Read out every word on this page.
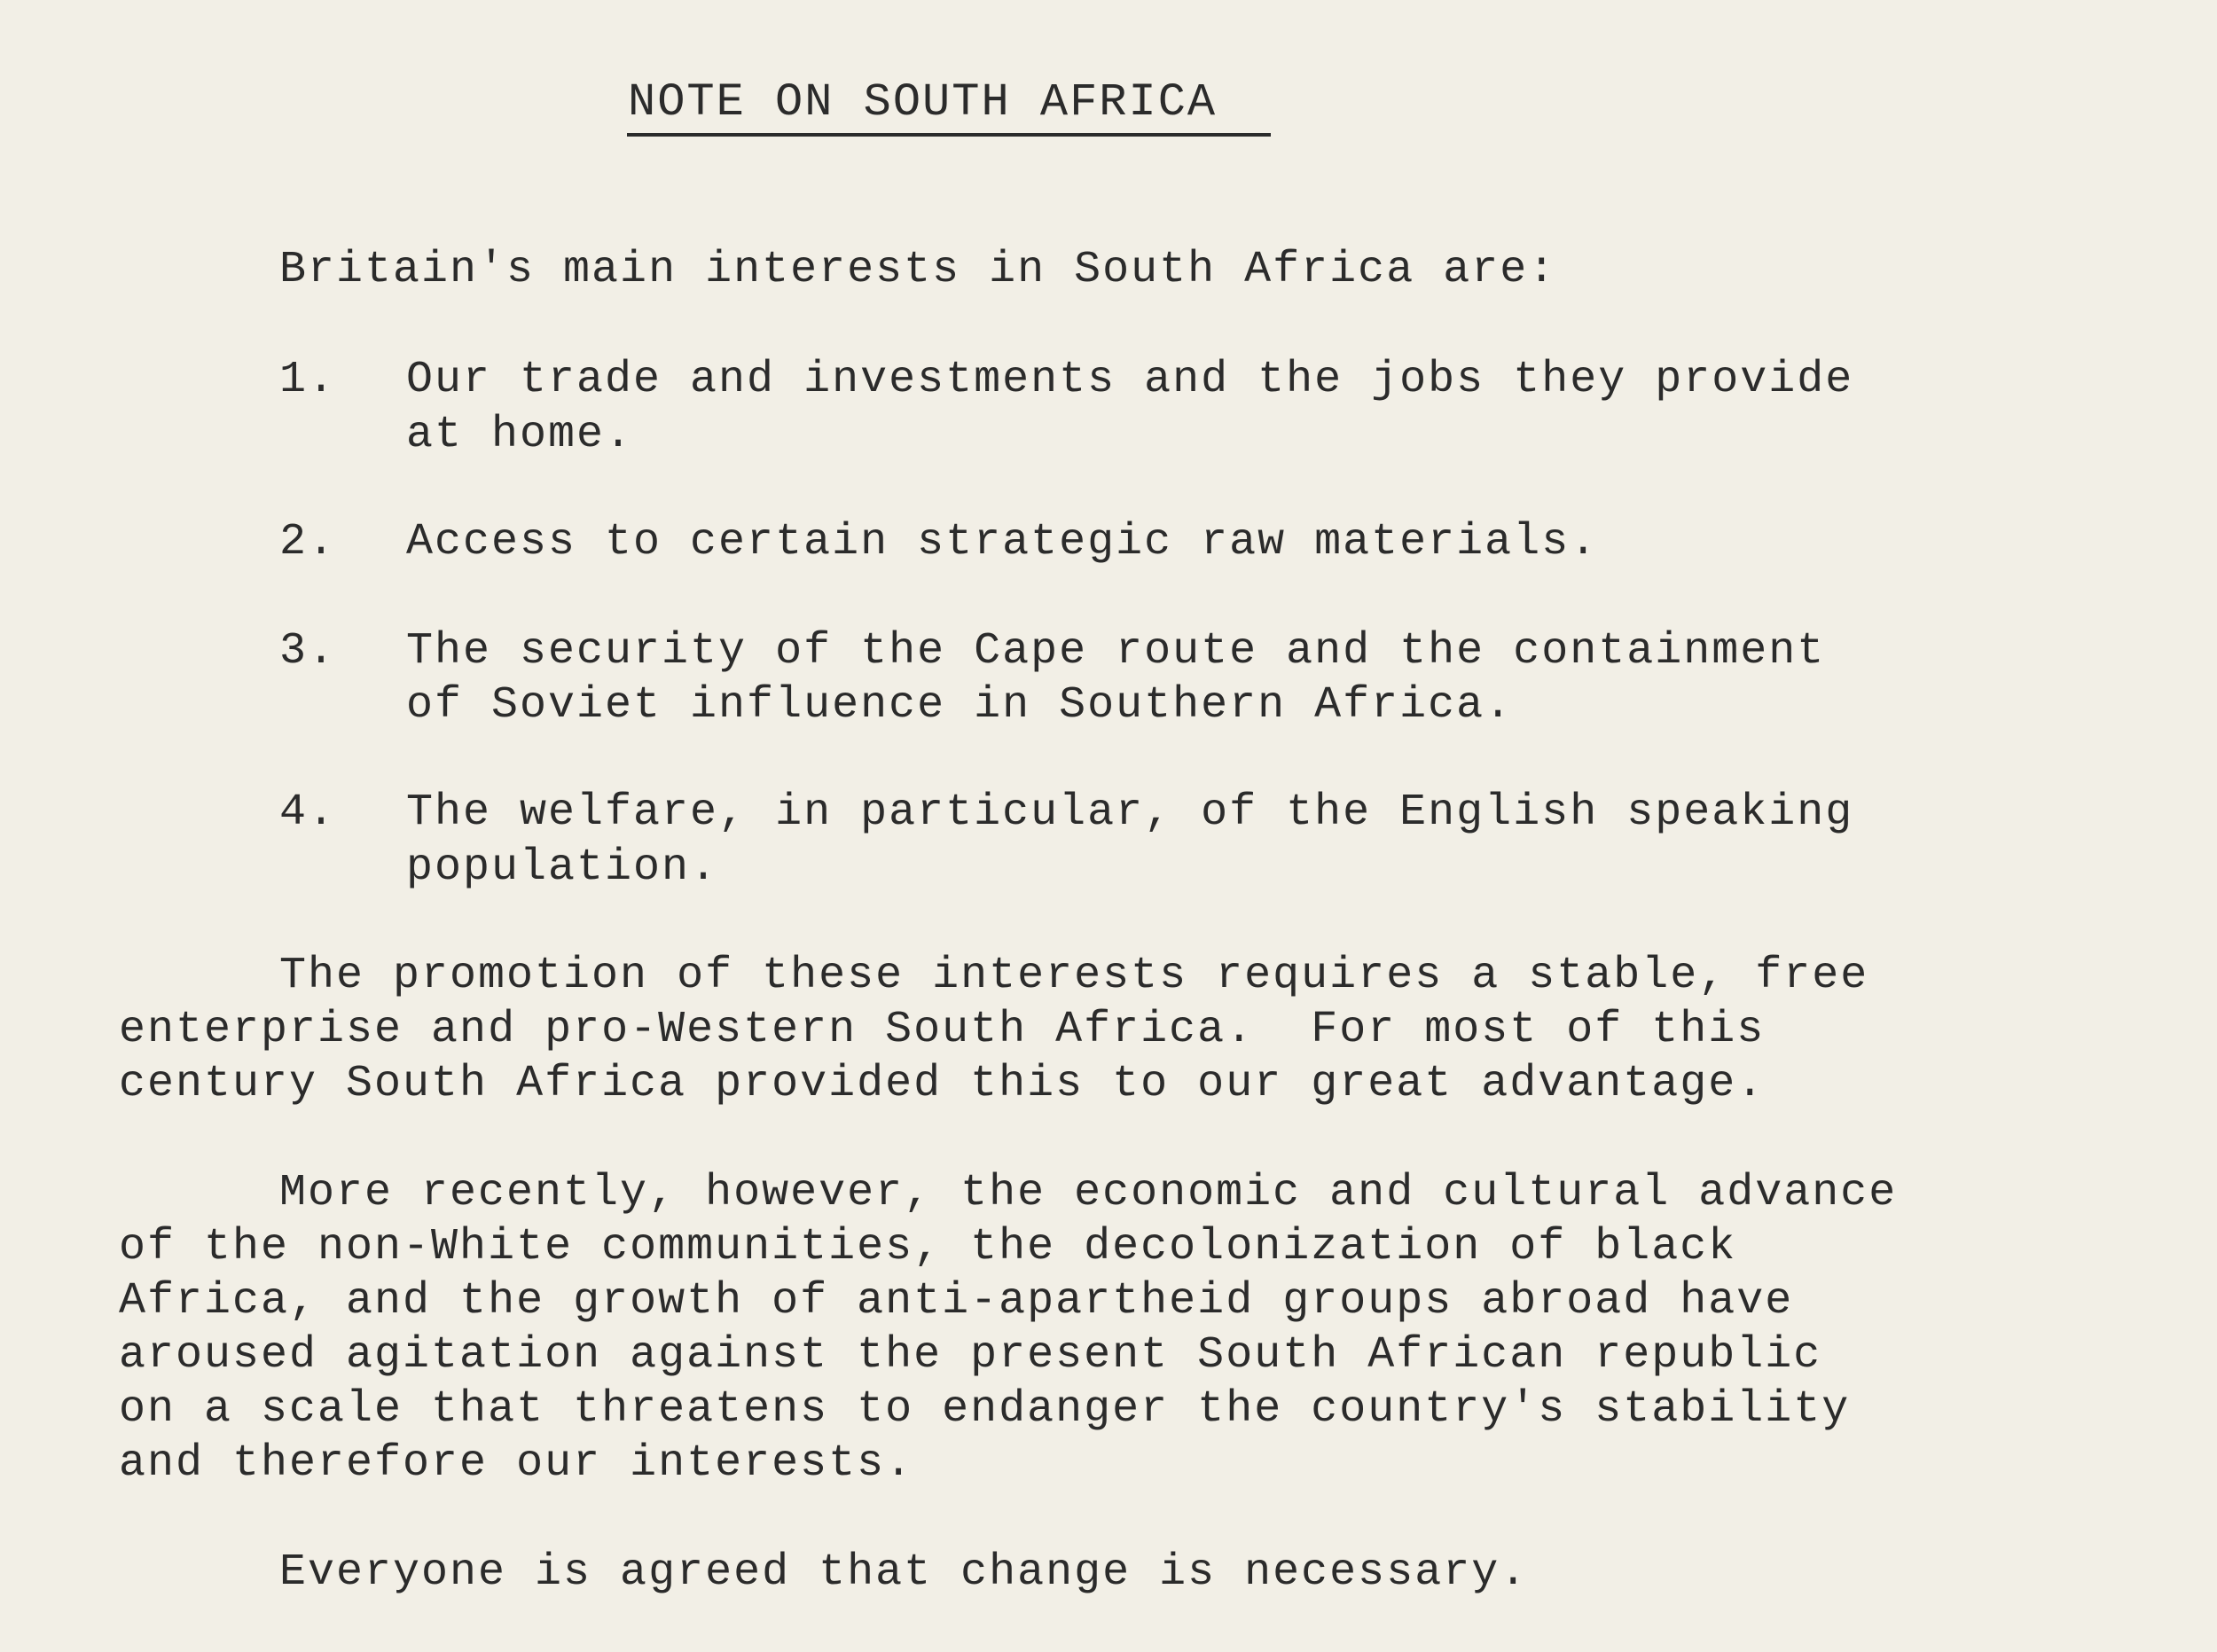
NOTE ON SOUTH AFRICA
Britain's main interests in South Africa are:
1. Our trade and investments and the jobs they provide
at home.
2. Access to certain strategic raw materials.
3. The security of the Cape route and the containment
of Soviet influence in Southern Africa.
4. The welfare, in particular, of the English speaking
population.
The promotion of these interests requires a stable, free
enterprise and pro-Western South Africa.  For most of this
century South Africa provided this to our great advantage.
More recently, however, the economic and cultural advance
of the non-White communities, the decolonization of black
Africa, and the growth of anti-apartheid groups abroad have
aroused agitation against the present South African republic
on a scale that threatens to endanger the country's stability
and therefore our interests.
Everyone is agreed that change is necessary.
